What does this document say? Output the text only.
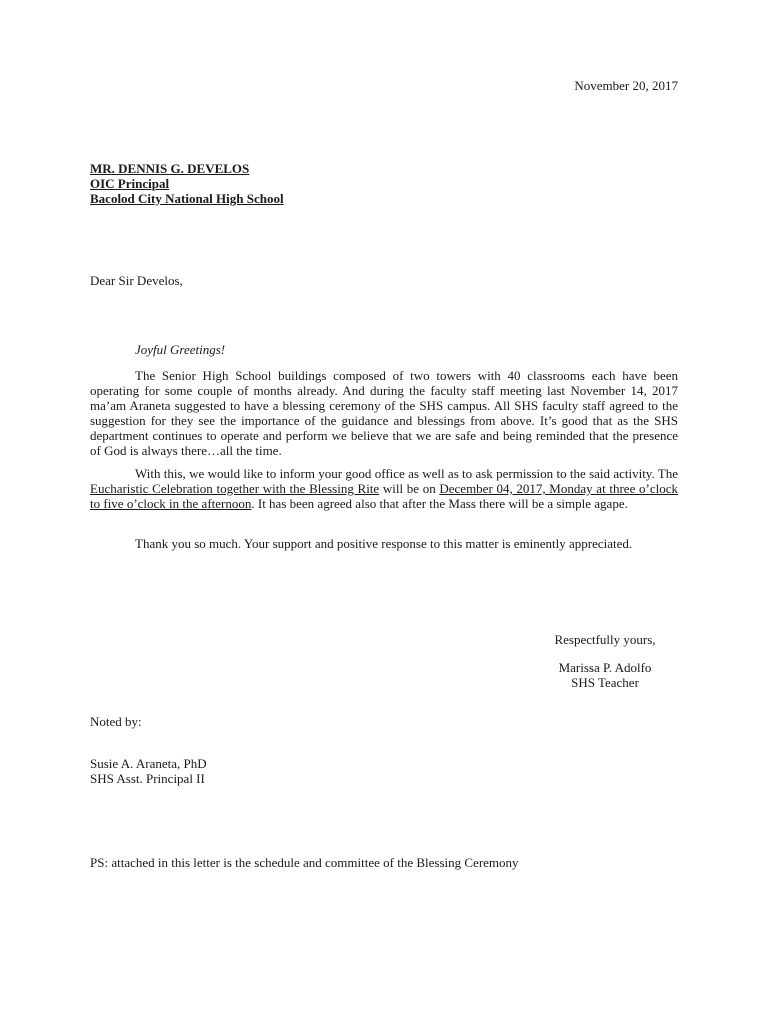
November 20, 2017
MR. DENNIS G. DEVELOS
OIC Principal
Bacolod City National High School
Dear Sir Develos,
Joyful Greetings!
The Senior High School buildings composed of two towers with 40 classrooms each have been operating for some couple of months already. And during the faculty staff meeting last November 14, 2017 ma’am Araneta suggested to have a blessing ceremony of the SHS campus. All SHS faculty staff agreed to the suggestion for they see the importance of the guidance and blessings from above. It’s good that as the SHS department continues to operate and perform we believe that we are safe and being reminded that the presence of God is always there…all the time.
With this, we would like to inform your good office as well as to ask permission to the said activity. The Eucharistic Celebration together with the Blessing Rite will be on December 04, 2017, Monday at three o’clock to five o’clock in the afternoon. It has been agreed also that after the Mass there will be a simple agape.
Thank you so much. Your support and positive response to this matter is eminently appreciated.
Respectfully yours,
Marissa P. Adolfo
SHS Teacher
Noted by:
Susie A. Araneta, PhD
SHS Asst. Principal II
PS: attached in this letter is the schedule and committee of the Blessing Ceremony
